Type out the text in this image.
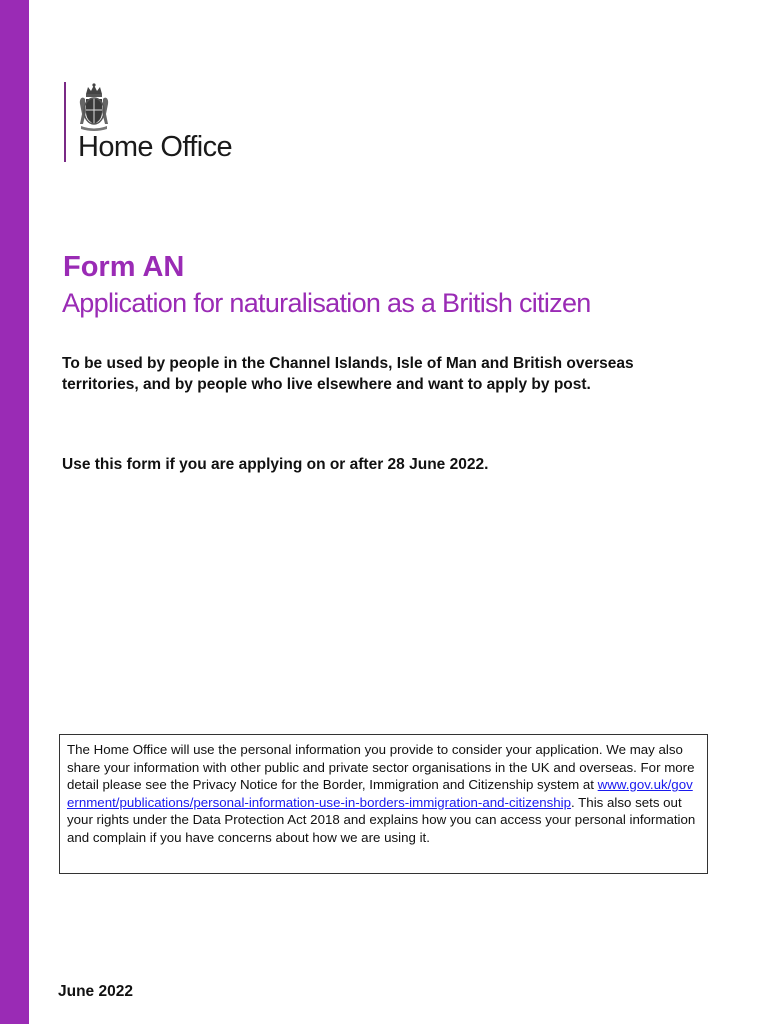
Home Office
Form AN
Application for naturalisation as a British citizen
To be used by people in the Channel Islands, Isle of Man and British overseas territories, and by people who live elsewhere and want to apply by post.
Use this form if you are applying on or after 28 June 2022.
The Home Office will use the personal information you provide to consider your application. We may also share your information with other public and private sector organisations in the UK and overseas. For more detail please see the Privacy Notice for the Border, Immigration and Citizenship system at www.gov.uk/government/publications/personal-information-use-in-borders-immigration-and-citizenship. This also sets out your rights under the Data Protection Act 2018 and explains how you can access your personal information and complain if you have concerns about how we are using it.
June 2022
